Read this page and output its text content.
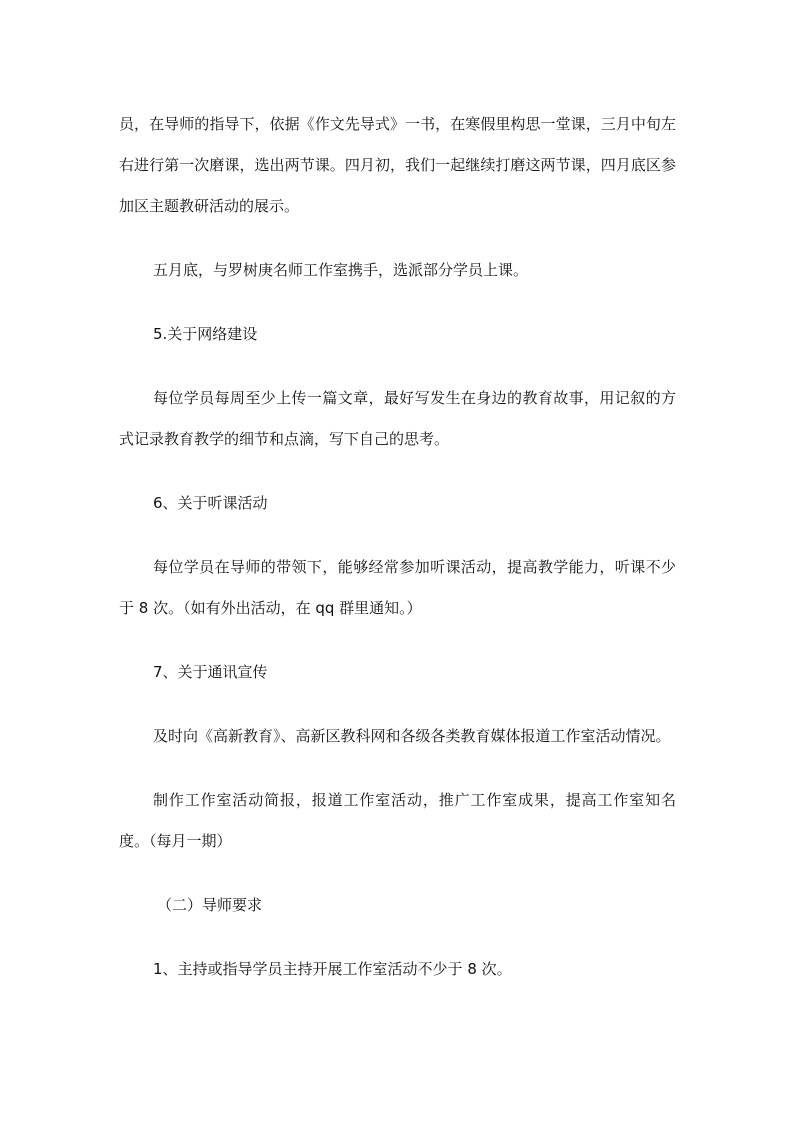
员，在导师的指导下，依据《作文先导式》一书，在寒假里构思一堂课，三月中旬左右进行第一次磨课，选出两节课。四月初，我们一起继续打磨这两节课，四月底区参加区主题教研活动的展示。

五月底，与罗树庚名师工作室携手，选派部分学员上课。

5.关于网络建设

每位学员每周至少上传一篇文章，最好写发生在身边的教育故事，用记叙的方式记录教育教学的细节和点滴，写下自己的思考。

6、关于听课活动

每位学员在导师的带领下，能够经常参加听课活动，提高教学能力，听课不少于 8 次。（如有外出活动，在 qq 群里通知。）

7、关于通讯宣传

及时向《高新教育》、高新区教科网和各级各类教育媒体报道工作室活动情况。

制作工作室活动简报，报道工作室活动，推广工作室成果，提高工作室知名度。（每月一期）

（二）导师要求

1、主持或指导学员主持开展工作室活动不少于 8 次。
